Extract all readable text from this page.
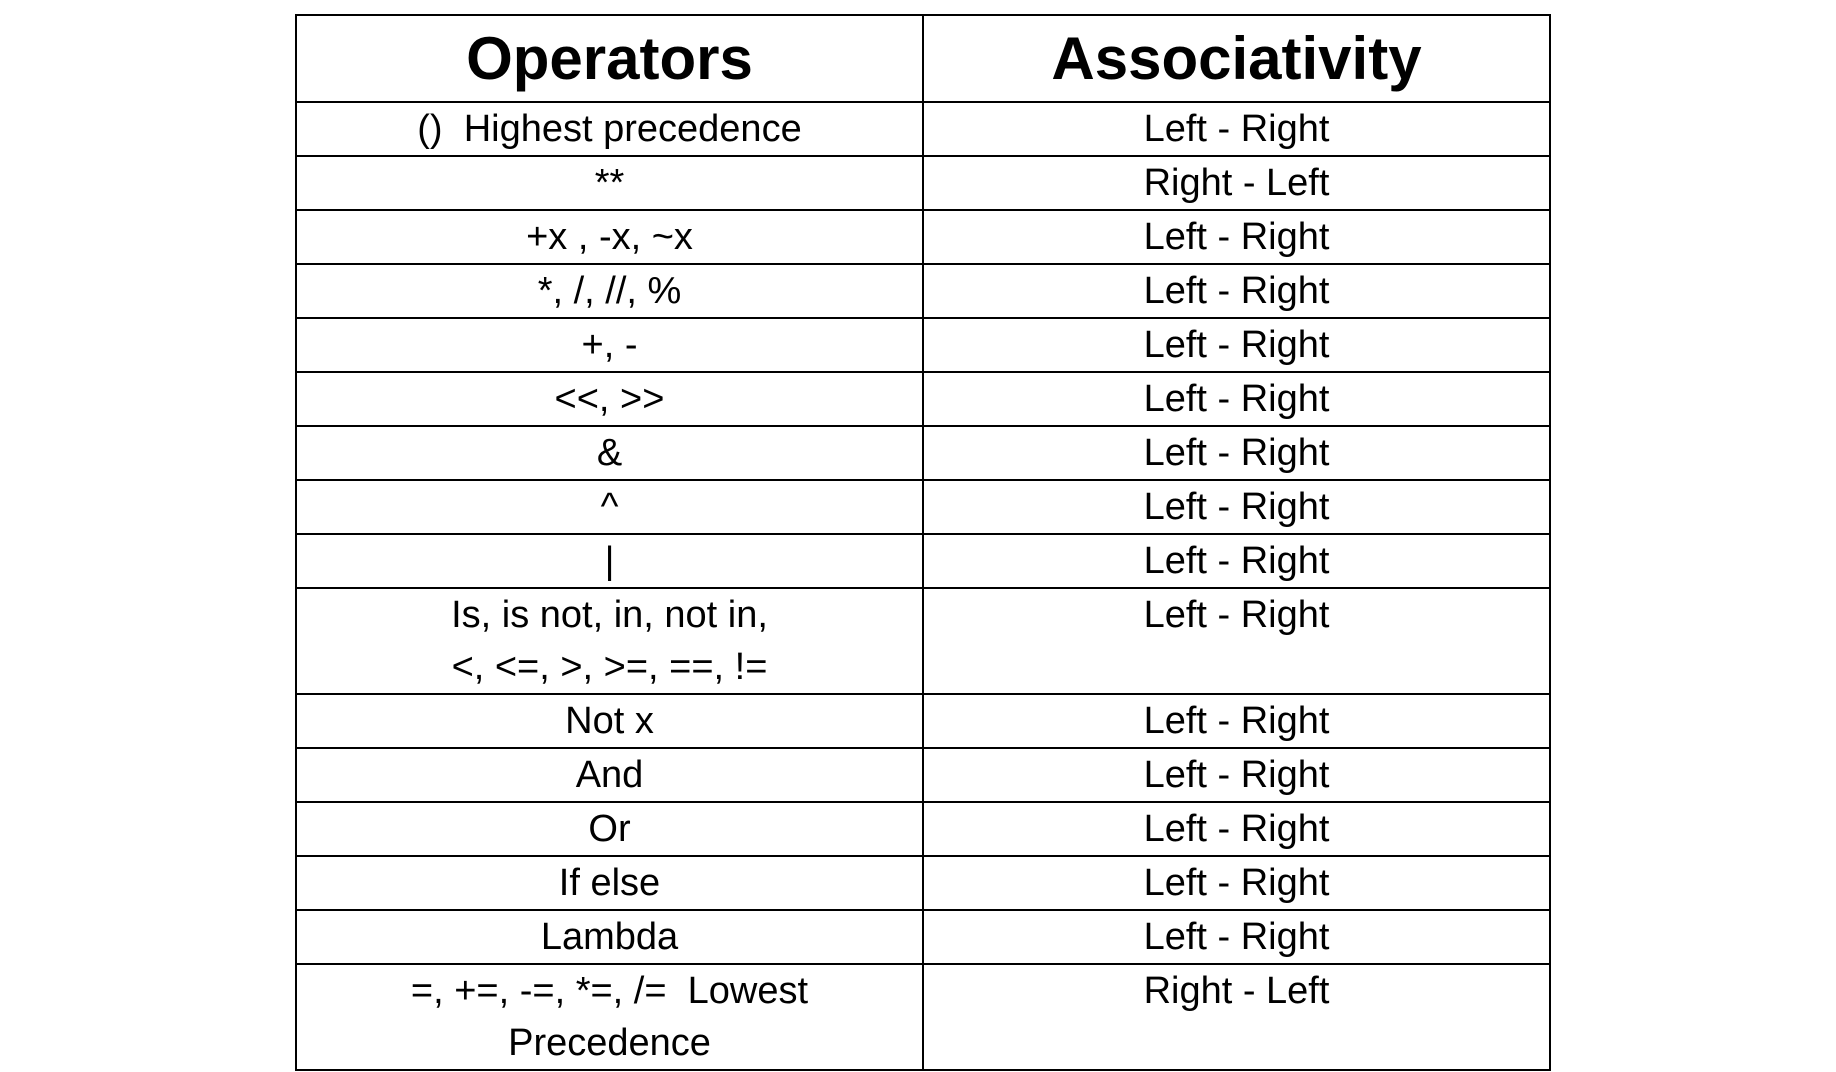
Operators	Associativity

()  Highest precedence	Left - Right

**	Right - Left

+x , -x, ~x	Left - Right

*, /, //, %	Left - Right

+, -	Left - Right

<<, >>	Left - Right

&	Left - Right

^	Left - Right

|	Left - Right

Is, is not, in, not in,
<, <=, >, >=, ==, !=	Left - Right

Not x	Left - Right

And	Left - Right

Or	Left - Right

If else	Left - Right

Lambda	Left - Right

=, +=, -=, *=, /=  Lowest
Precedence	Right - Left
